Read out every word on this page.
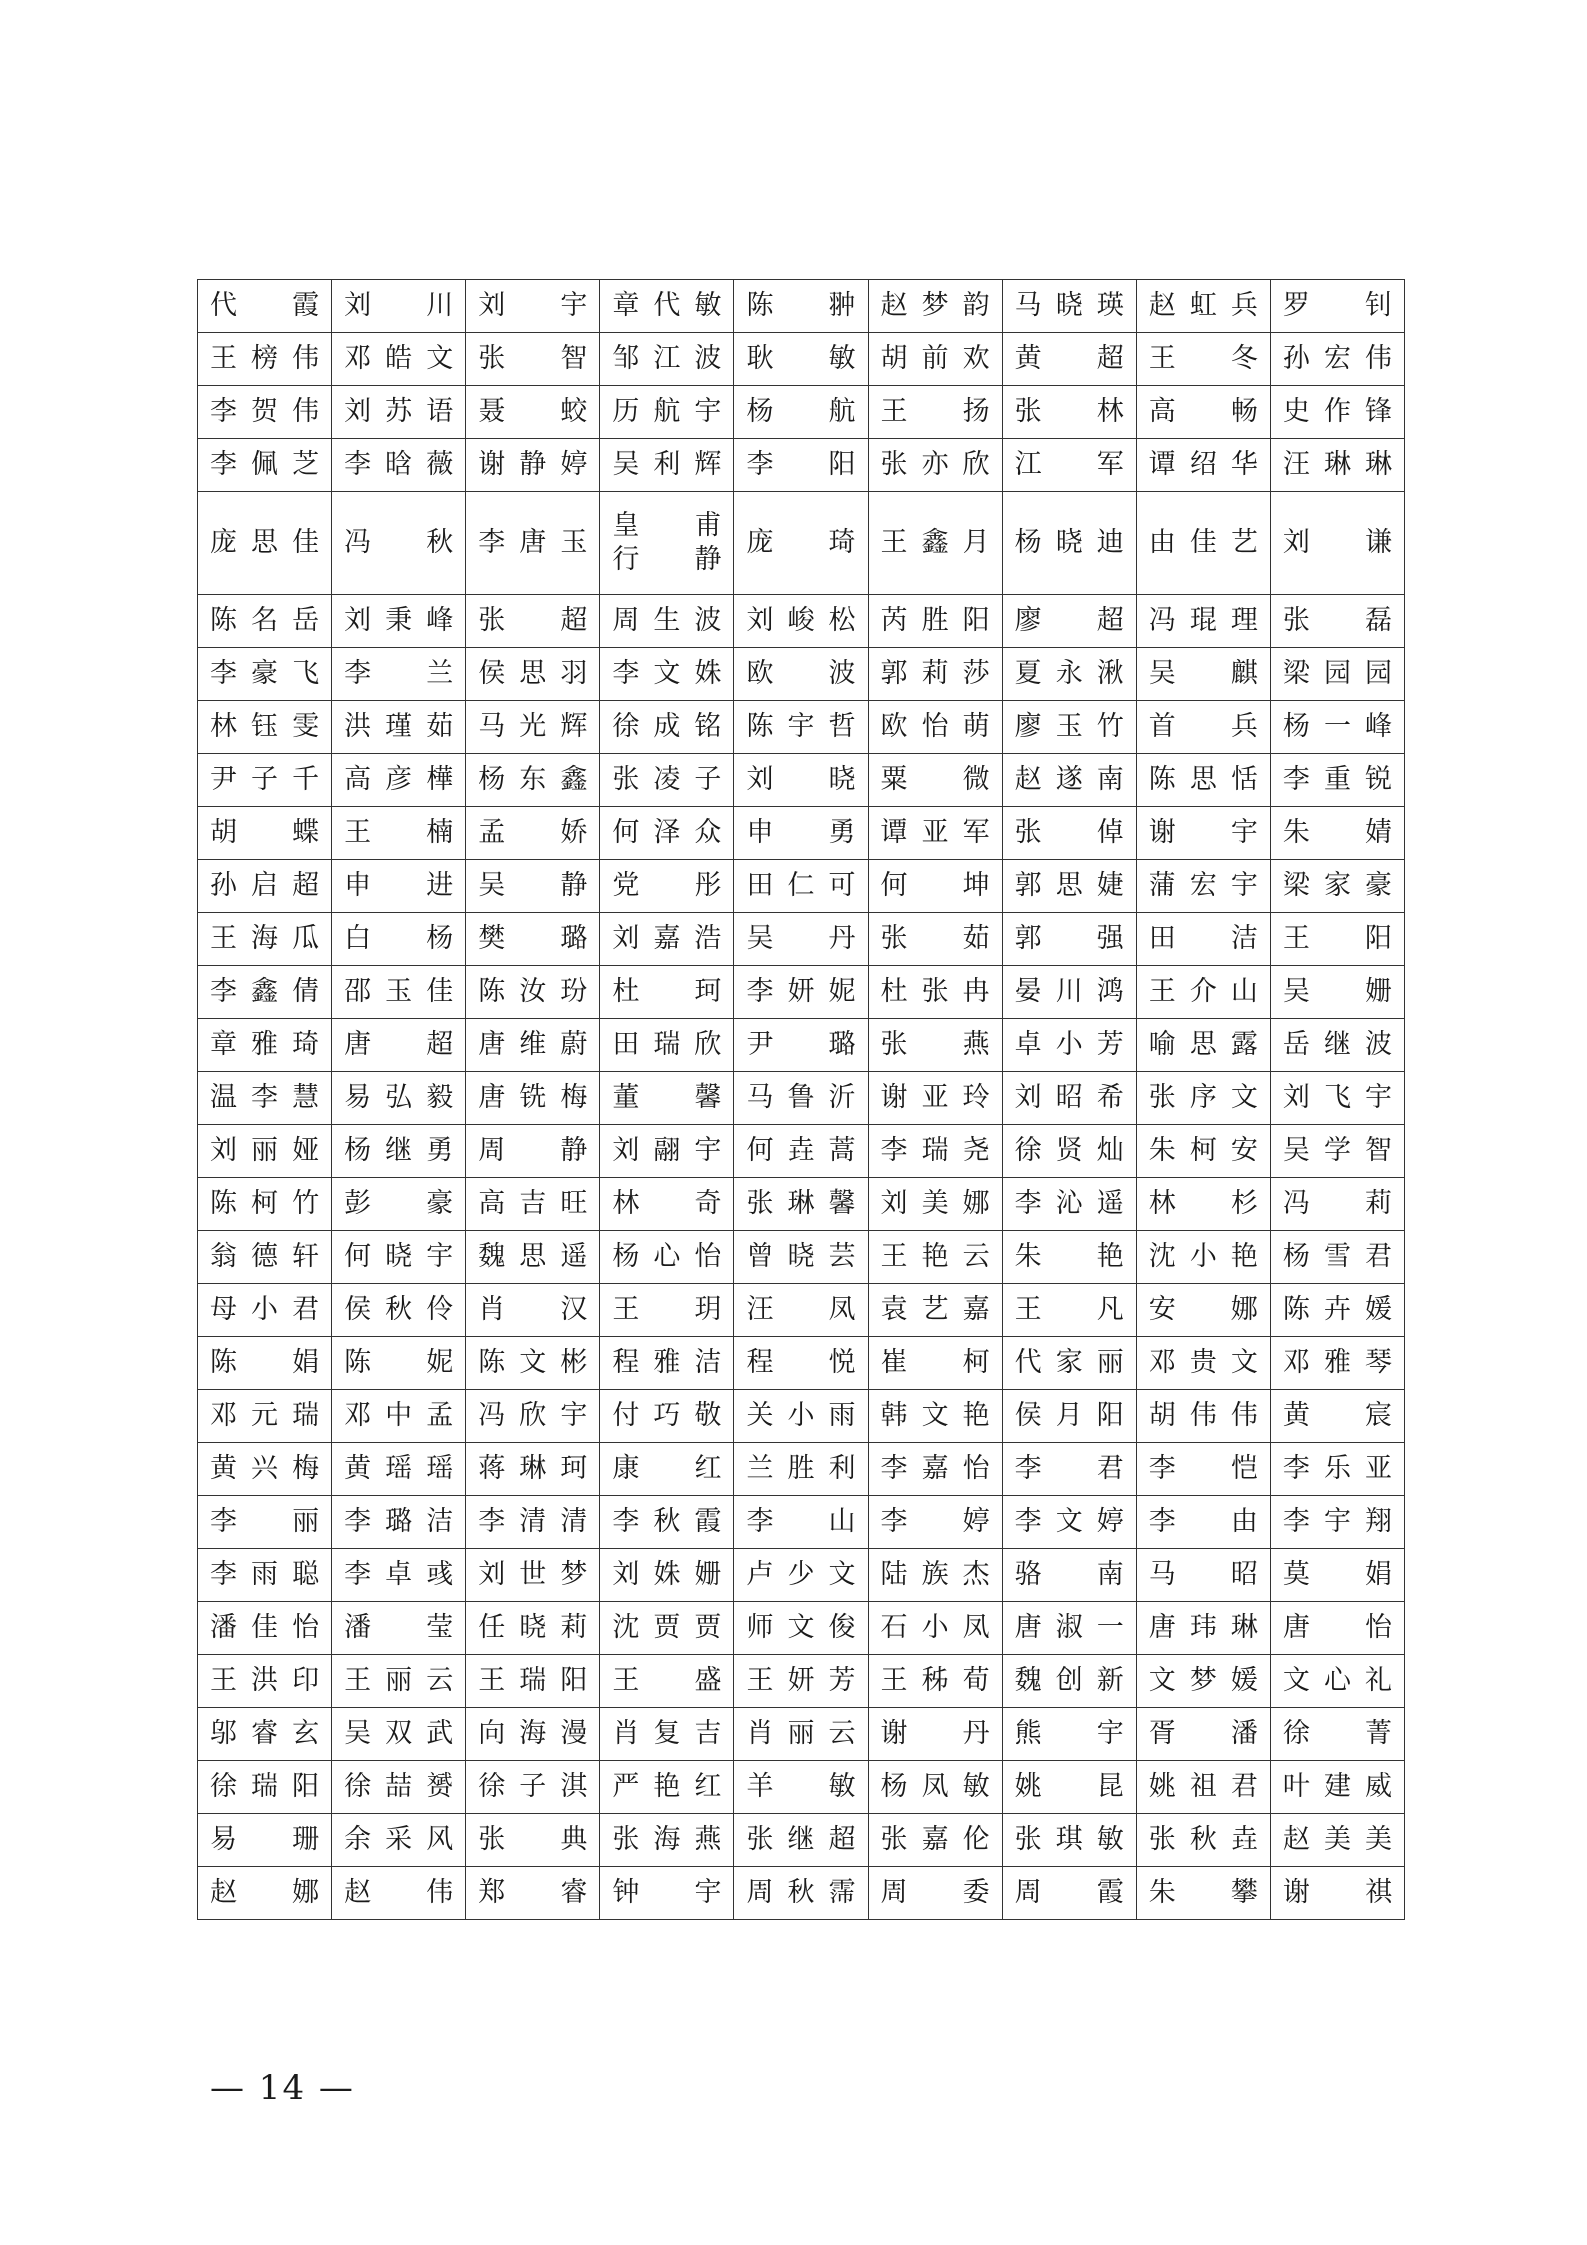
代 霞	刘 川	刘 宇	章 代 敏	陈 翀	赵 梦 韵	马 晓 瑛	赵 虹 兵	罗 钊

王 榜 伟	邓 皓 文	张 智	邹 江 波	耿 敏	胡 前 欢	黄 超	王 冬	孙 宏 伟

李 贺 伟	刘 苏 语	聂 蛟	历 航 宇	杨 航	王 扬	张 林	高 畅	史 作 锋

李 佩 芝	李 晗 薇	谢 静 婷	吴 利 辉	李 阳	张 亦 欣	江 军	谭 绍 华	汪 琳 琳

庞 思 佳	冯 秋	李 唐 玉	皇 甫
行 静	庞 琦	王 鑫 月	杨 晓 迪	由 佳 艺	刘 谦

陈 名 岳	刘 秉 峰	张 超	周 生 波	刘 峻 松	芮 胜 阳	廖 超	冯 琨 理	张 磊

李 豪 飞	李 兰	侯 思 羽	李 文 姝	欧 波	郭 莉 莎	夏 永 湫	吴 麒	梁 园 园

林 钰 雯	洪 瑾 茹	马 光 辉	徐 成 铭	陈 宇 哲	欧 怡 萌	廖 玉 竹	首 兵	杨 一 峰

尹 子 千	高 彦 樺	杨 东 鑫	张 凌 子	刘 晓	粟 微	赵 遂 南	陈 思 恬	李 重 锐

胡 蝶	王 楠	孟 娇	何 泽 众	申 勇	谭 亚 军	张 倬	谢 宇	朱 婧

孙 启 超	申 进	吴 静	党 彤	田 仁 可	何 坤	郭 思 婕	蒲 宏 宇	梁 家 豪

王 海 瓜	白 杨	樊 璐	刘 嘉 浩	吴 丹	张 茹	郭 强	田 洁	王 阳

李 鑫 倩	邵 玉 佳	陈 汝 玢	杜 珂	李 妍 妮	杜 张 冉	晏 川 鸿	王 介 山	吴 姗

章 雅 琦	唐 超	唐 维 蔚	田 瑞 欣	尹 璐	张 燕	卓 小 芳	喻 思 露	岳 继 波

温 李 慧	易 弘 毅	唐 铣 梅	董 馨	马 鲁 沂	谢 亚 玲	刘 昭 希	张 序 文	刘 飞 宇

刘 丽 娅	杨 继 勇	周 静	刘 翮 宇	何 垚 蒿	李 瑞 尧	徐 贤 灿	朱 柯 安	吴 学 智

陈 柯 竹	彭 豪	高 吉 旺	林 奇	张 琳 馨	刘 美 娜	李 沁 遥	林 杉	冯 莉

翁 德 轩	何 晓 宇	魏 思 遥	杨 心 怡	曾 晓 芸	王 艳 云	朱 艳	沈 小 艳	杨 雪 君

母 小 君	侯 秋 伶	肖 汉	王 玥	汪 凤	袁 艺 嘉	王 凡	安 娜	陈 卉 媛

陈 娟	陈 妮	陈 文 彬	程 雅 洁	程 悦	崔 柯	代 家 丽	邓 贵 文	邓 雅 琴

邓 元 瑞	邓 中 孟	冯 欣 宇	付 巧 敬	关 小 雨	韩 文 艳	侯 月 阳	胡 伟 伟	黄 宸

黄 兴 梅	黄 瑶 瑶	蒋 琳 珂	康 红	兰 胜 利	李 嘉 怡	李 君	李 恺	李 乐 亚

李 丽	李 璐 洁	李 清 清	李 秋 霞	李 山	李 婷	李 文 婷	李 由	李 宇 翔

李 雨 聪	李 卓 彧	刘 世 梦	刘 姝 姗	卢 少 文	陆 族 杰	骆 南	马 昭	莫 娟

潘 佳 怡	潘 莹	任 晓 莉	沈 贾 贾	师 文 俊	石 小 凤	唐 淑 一	唐 玮 琳	唐 怡

王 洪 印	王 丽 云	王 瑞 阳	王 盛	王 妍 芳	王 秭 荀	魏 创 新	文 梦 媛	文 心 礼

邬 睿 玄	吴 双 武	向 海 漫	肖 复 吉	肖 丽 云	谢 丹	熊 宇	胥 潘	徐 菁

徐 瑞 阳	徐 喆 赟	徐 子 淇	严 艳 红	羊 敏	杨 凤 敏	姚 昆	姚 祖 君	叶 建 威

易 珊	余 采 风	张 典	张 海 燕	张 继 超	张 嘉 伦	张 琪 敏	张 秋 垚	赵 美 美

赵 娜	赵 伟	郑 睿	钟 宇	周 秋 霈	周 委	周 霞	朱 攀	谢 祺
— 14 —
